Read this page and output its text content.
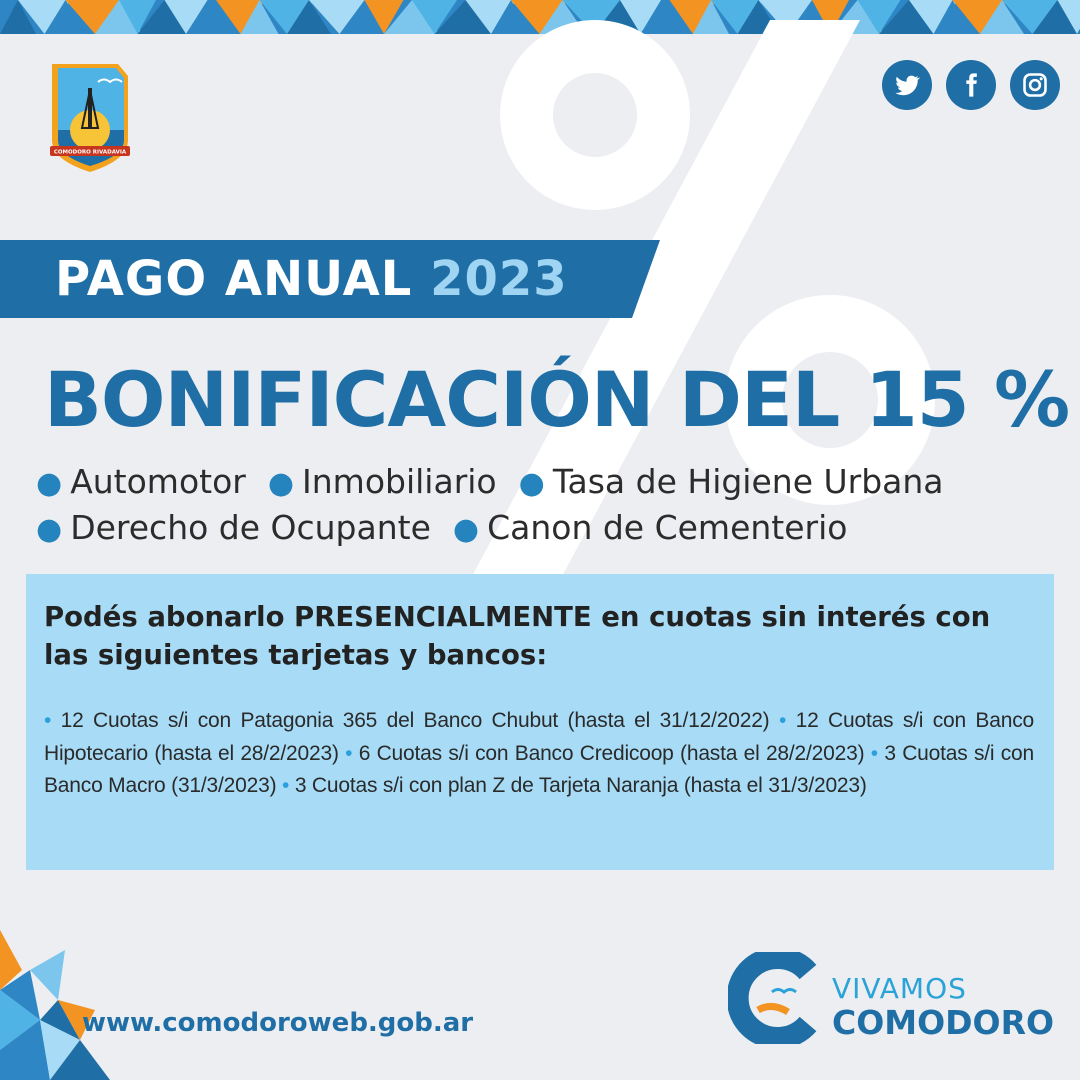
COMODORO RIVADAVIA
PAGO ANUAL 2023
BONIFICACIÓN DEL 15 %
● Automotor ● Inmobiliario ● Tasa de Higiene Urbana
● Derecho de Ocupante ● Canon de Cementerio
Podés abonarlo PRESENCIALMENTE en cuotas sin interés con las siguientes tarjetas y bancos:
• 12 Cuotas s/i con Patagonia 365 del Banco Chubut (hasta el 31/12/2022) • 12 Cuotas s/i con Banco Hipotecario (hasta el 28/2/2023) • 6 Cuotas s/i con Banco Credicoop (hasta el 28/2/2023) • 3 Cuotas s/i con Banco Macro (31/3/2023) • 3 Cuotas s/i con plan Z de Tarjeta Naranja (hasta el 31/3/2023)
www.comodoroweb.gob.ar
VIVAMOS
COMODORO
